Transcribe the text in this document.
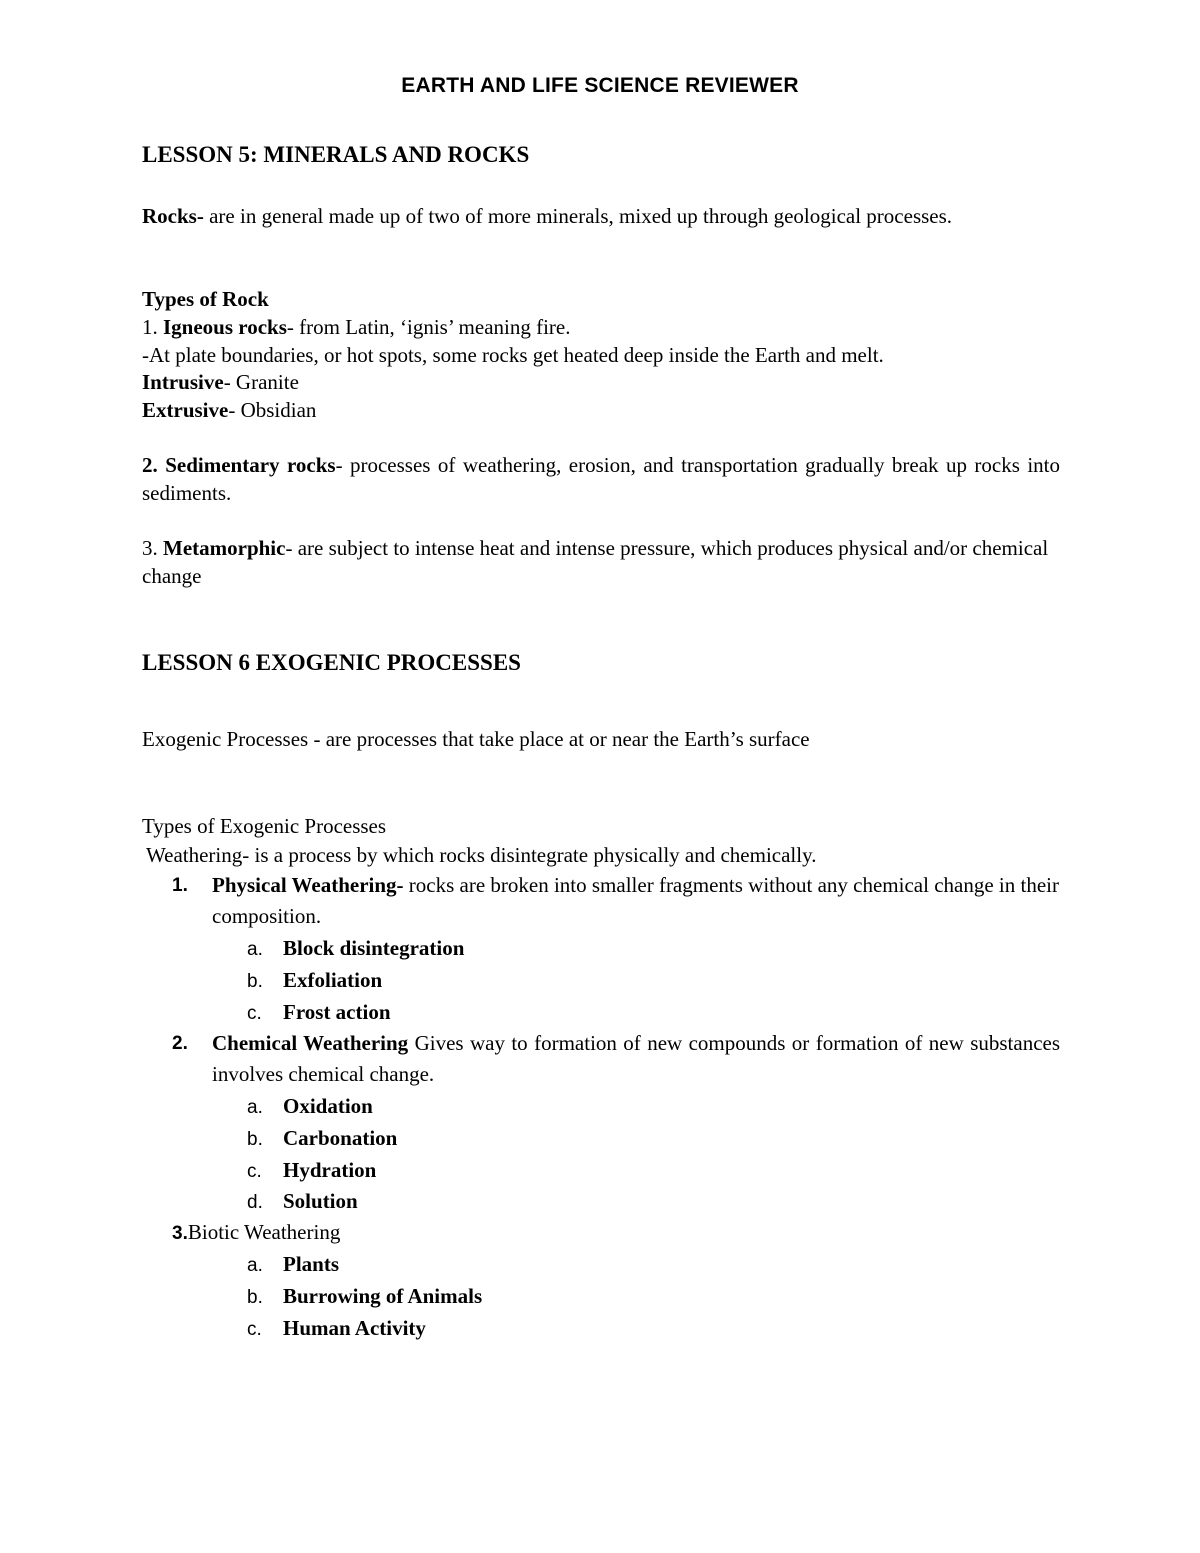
EARTH AND LIFE SCIENCE REVIEWER
LESSON 5: MINERALS AND ROCKS

Rocks- are in general made up of two of more minerals, mixed up through geological processes.

Types of Rock
1. Igneous rocks- from Latin, ‘ignis’ meaning fire.
-At plate boundaries, or hot spots, some rocks get heated deep inside the Earth and melt.
Intrusive- Granite
Extrusive- Obsidian

2. Sedimentary rocks- processes of weathering, erosion, and transportation gradually break up rocks into sediments.

3. Metamorphic- are subject to intense heat and intense pressure, which produces physical and/or chemical change

LESSON 6 EXOGENIC PROCESSES
Exogenic Processes - are processes that take place at or near the Earth’s surface
Types of Exogenic Processes
Weathering- is a process by which rocks disintegrate physically and chemically.
1.	Physical Weathering- rocks are broken into smaller fragments without any chemical change in their composition.
a. Block disintegration
b. Exfoliation
c. Frost action
2.	Chemical Weathering Gives way to formation of new compounds or formation of new substances involves chemical change.
a. Oxidation
b. Carbonation
c. Hydration
d. Solution
3.Biotic Weathering
a. Plants
b. Burrowing of Animals
c. Human Activity
